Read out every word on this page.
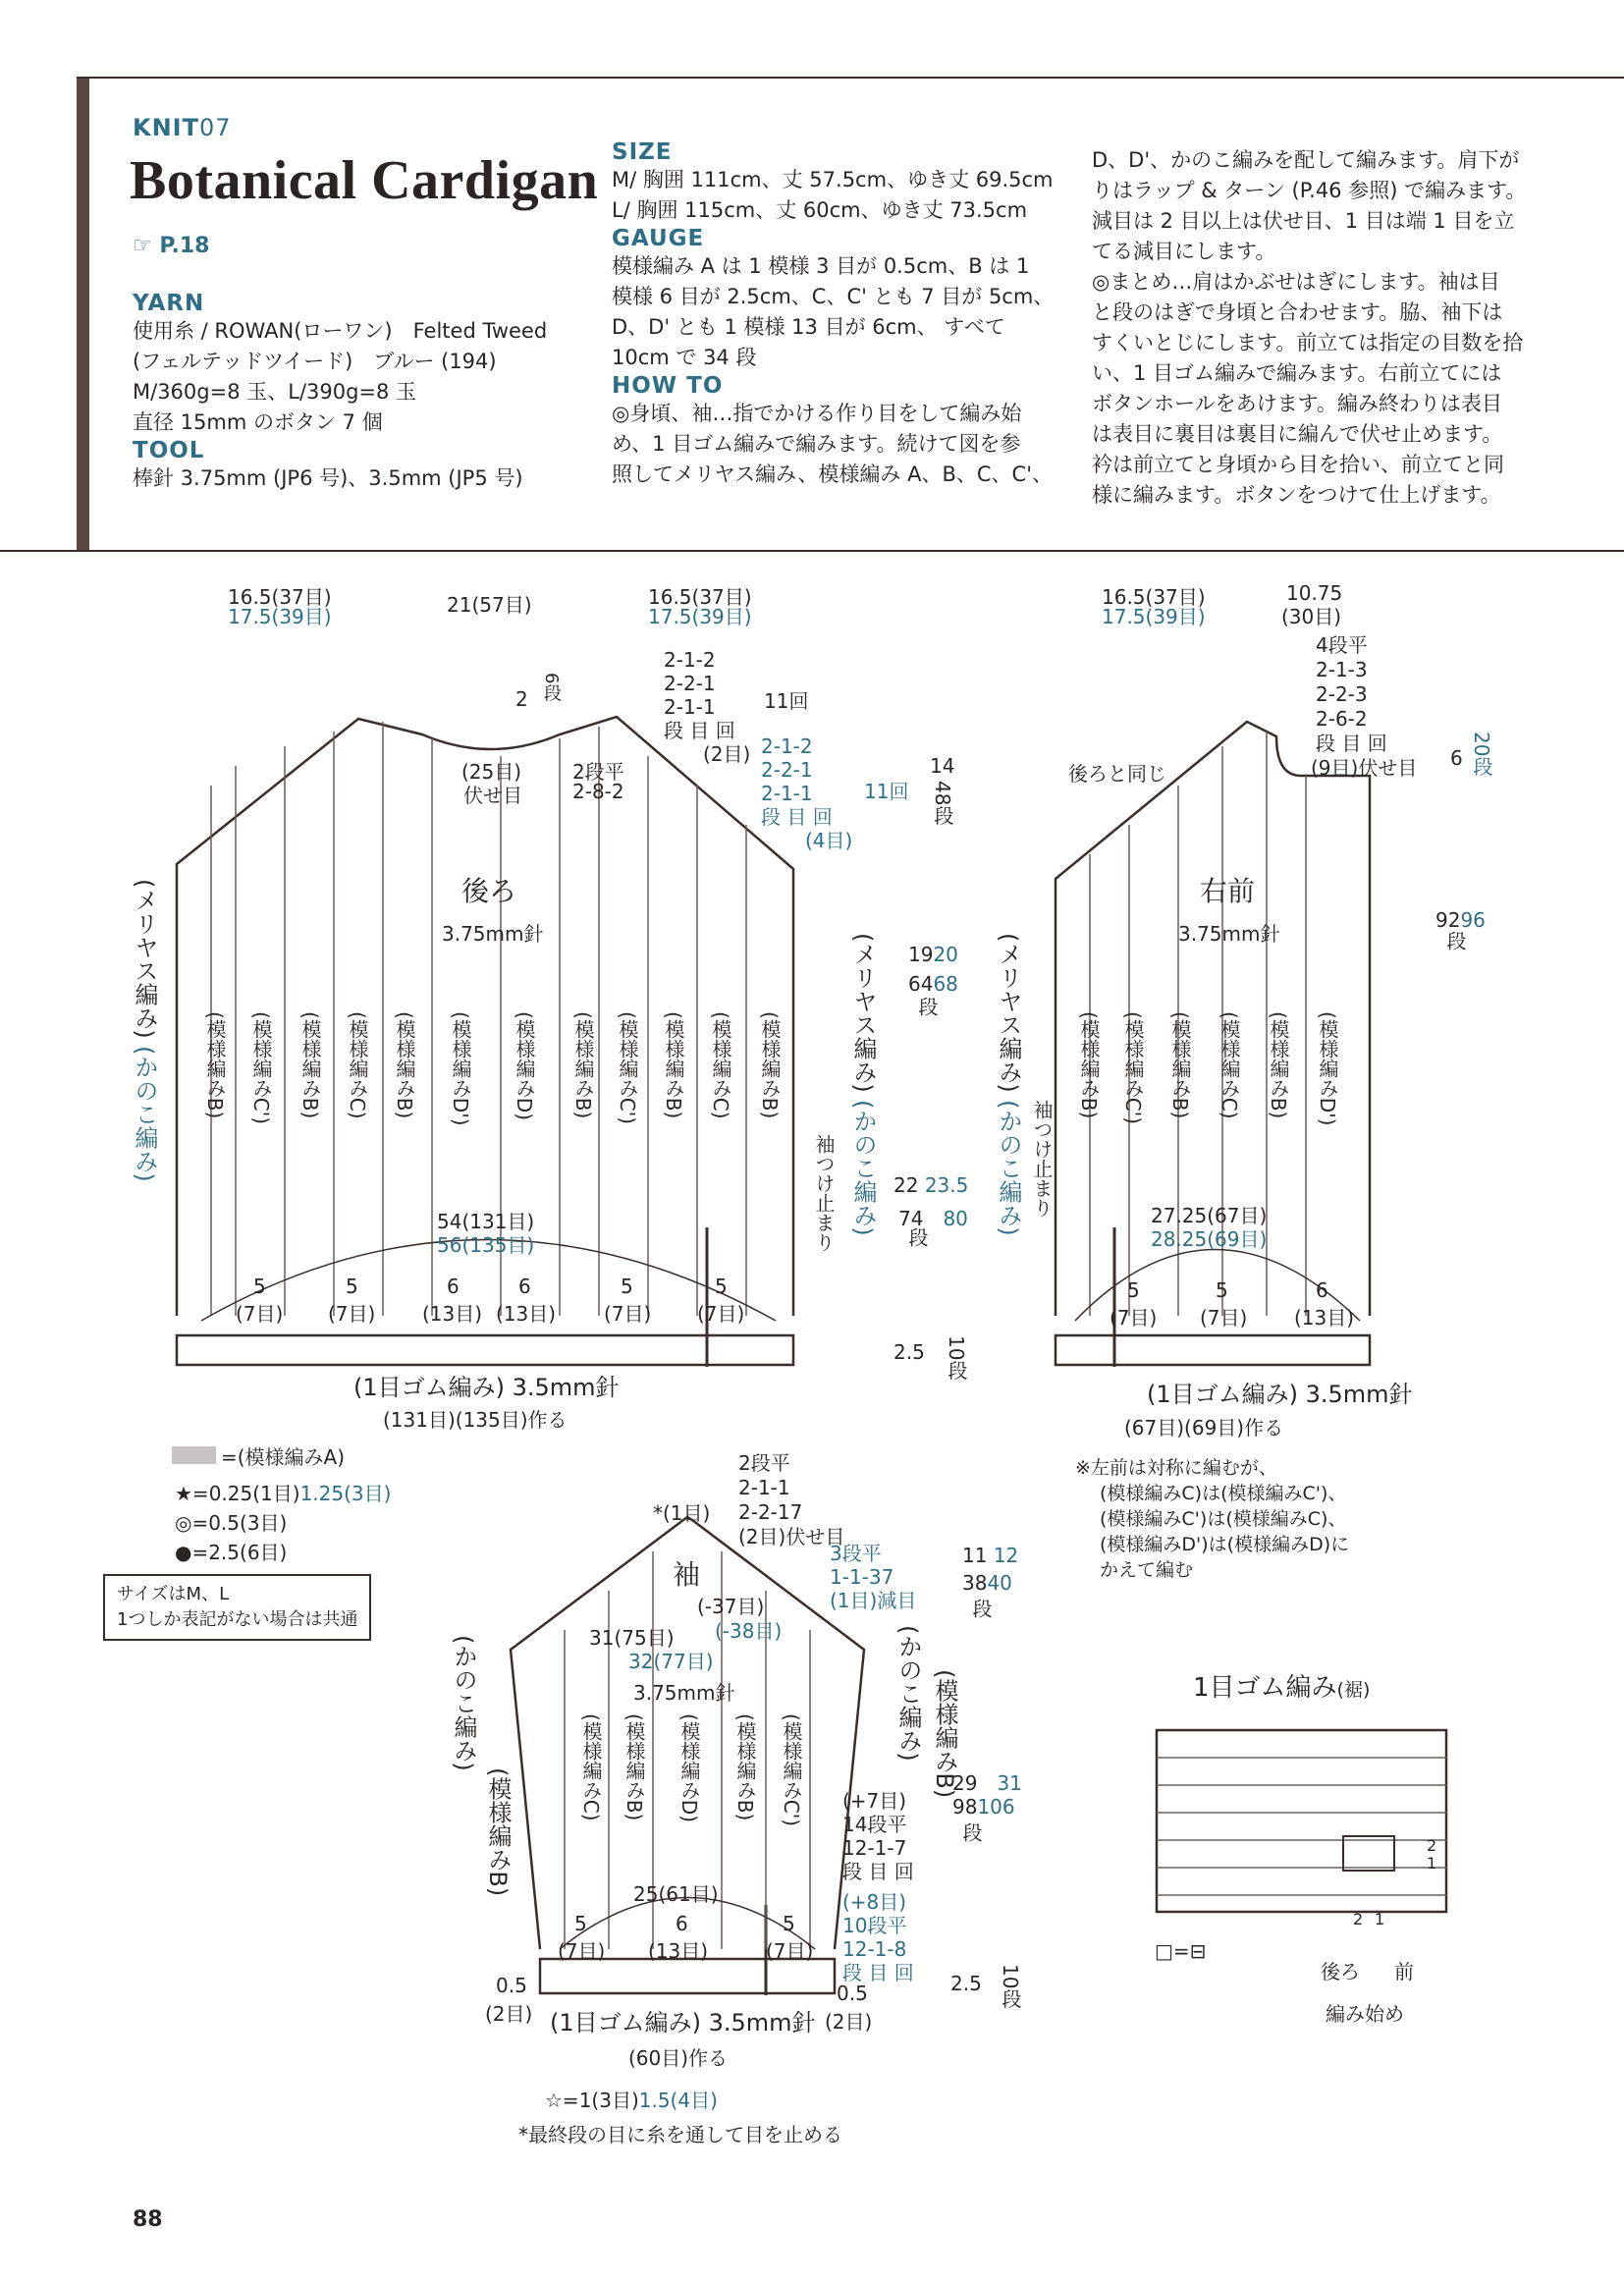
KNIT07
Botanical Cardigan
☞ P.18
YARN
使用糸 / ROWAN(ローワン)　Felted Tweed
(フェルテッドツイード)　ブルー (194)
M/360g=8 玉、L/390g=8 玉
直径 15mm のボタン 7 個
TOOL
棒針 3.75mm (JP6 号)、3.5mm (JP5 号)
SIZE
M/ 胸囲 111cm、丈 57.5cm、ゆき丈 69.5cm
L/ 胸囲 115cm、丈 60cm、ゆき丈 73.5cm
GAUGE
模様編み A は 1 模様 3 目が 0.5cm、B は 1
模様 6 目が 2.5cm、C、C' とも 7 目が 5cm、
D、D' とも 1 模様 13 目が 6cm、 すべて
10cm で 34 段
HOW TO
◎身頃、袖…指でかける作り目をして編み始
め、1 目ゴム編みで編みます。続けて図を参
照してメリヤス編み、模様編み A、B、C、C'、
D、D'、かのこ編みを配して編みます。肩下が
りはラップ & ターン (P.46 参照) で編みます。
減目は 2 目以上は伏せ目、1 目は端 1 目を立
てる減目にします。
◎まとめ…肩はかぶせはぎにします。袖は目
と段のはぎで身頃と合わせます。脇、袖下は
すくいとじにします。前立ては指定の目数を拾
い、1 目ゴム編みで編みます。右前立てには
ボタンホールをあけます。編み終わりは表目
は表目に裏目は裏目に編んで伏せ止めます。
衿は前立てと身頃から目を拾い、前立てと同
様に編みます。ボタンをつけて仕上げます。
16.5(37目)
17.5(39目)	21(57目)	16.5(37目)
17.5(39目)
2 6段
(25目)
伏せ目
2段平
2-8-2
2-1-2
2-2-1
2-1-1
段 目 回
(2目)
11回
2-1-2
2-2-1
2-1-1
段 目 回
(4目)
11回
後ろ
3.75mm針
14
48段
1920
6468
段
22 23.5
74　 80
段
2.5 10段
54(131目)
56(135目)
(模様編みB) (模様編みC') (模様編みB) (模様編みC) (模様編みB) (模様編みD') (模様編みD) (模様編みB) (模様編みC') (模様編みB) (模様編みC) (模様編みB)
(メリヤス編み)
(かのこ編み)
(メリヤス編み)
(かのこ編み)
袖つけ止まり
5
(7目)
5
(7目)
6
(13目)
6
(13目)
5
(7目)
5
(7目)
(1目ゴム編み) 3.5mm針
(131目)(135目)作る
16.5(37目)
17.5(39目)
10.75
(30目)
4段平
2-1-3
2-2-3
2-6-2
段 目 回
(9目)伏せ目
後ろと同じ
6 20段
右前
3.75mm針
9296
段
(模様編みB) (模様編みC') (模様編みB) (模様編みC) (模様編みB) (模様編みD')
(メリヤス編み)
(かのこ編み) 袖つけ止まり	27.25(67目)
28.25(69目)
5
(7目)
5
(7目)
6
(13目)
(1目ゴム編み) 3.5mm針
(67目)(69目)作る
※左前は対称に編むが、
(模様編みC)は(模様編みC')、
(模様編みC')は(模様編みC)、
(模様編みD')は(模様編みD)に
かえて編む
=(模様編みA)
★=0.25(1目)1.25(3目)
◎=0.5(3目)
●=2.5(6目)
サイズはM、L
1つしか表記がない場合は共通
*(1目)
2段平
2-1-1
2-2-17
(2目)伏せ目
袖
(-37目)
(-38目)
3段平
1-1-37
(1目)減目
11 12
3840
段
31(75目)
32(77目)
3.75mm針
(模様編みC) (模様編みB) (模様編みD) (模様編みB) (模様編みC')
(かのこ編み)
(模様編みB)
(かのこ編み) (模様編みB)
(+7目)
14段平
12-1-7
段 目 回
(+8目)
10段平
12-1-8
段 目 回
29　 31
98106
段
2.5 10段
25(61目)
5
(7目)
6
(13目)
5
(7目)
0.5
(2目)
0.5
(2目)
(1目ゴム編み) 3.5mm針
(60目)作る
☆=1(3目)1.5(4目)
*最終段の目に糸を通して目を止める
1目ゴム編み(裾)
□=⊟
2
1
2 1
後ろ 前
編み始め
88
